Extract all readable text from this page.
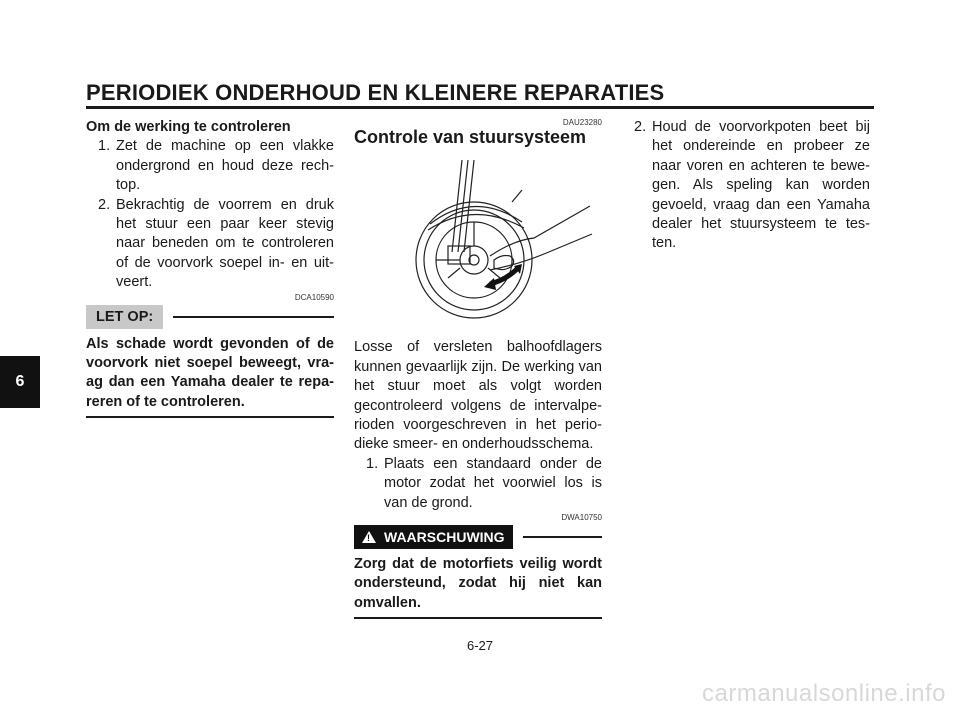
PERIODIEK ONDERHOUD EN KLEINERE REPARATIES
6
Om de werking te controleren
1. Zet de machine op een vlakke ondergrond en houd deze rech-top.
2. Bekrachtig de voorrem en druk het stuur een paar keer stevig naar beneden om te controleren of de voorvork soepel in- en uit-veert.
DCA10590
LET OP:
Als schade wordt gevonden of de voorvork niet soepel beweegt, vra-ag dan een Yamaha dealer te repa-reren of te controleren.
DAU23280
Controle van stuursysteem
Losse of versleten balhoofdlagers kunnen gevaarlijk zijn. De werking van het stuur moet als volgt worden gecontroleerd volgens de intervalpe-rioden voorgeschreven in het perio-dieke smeer- en onderhoudsschema.
1. Plaats een standaard onder de motor zodat het voorwiel los is van de grond.
DWA10750
! WAARSCHUWING
Zorg dat de motorfiets veilig wordt ondersteund, zodat hij niet kan omvallen.
2. Houd de voorvorkpoten beet bij het ondereinde en probeer ze naar voren en achteren te bewe-gen. Als speling kan worden gevoeld, vraag dan een Yamaha dealer het stuursysteem te tes-ten.
6-27
carmanualsonline.info
